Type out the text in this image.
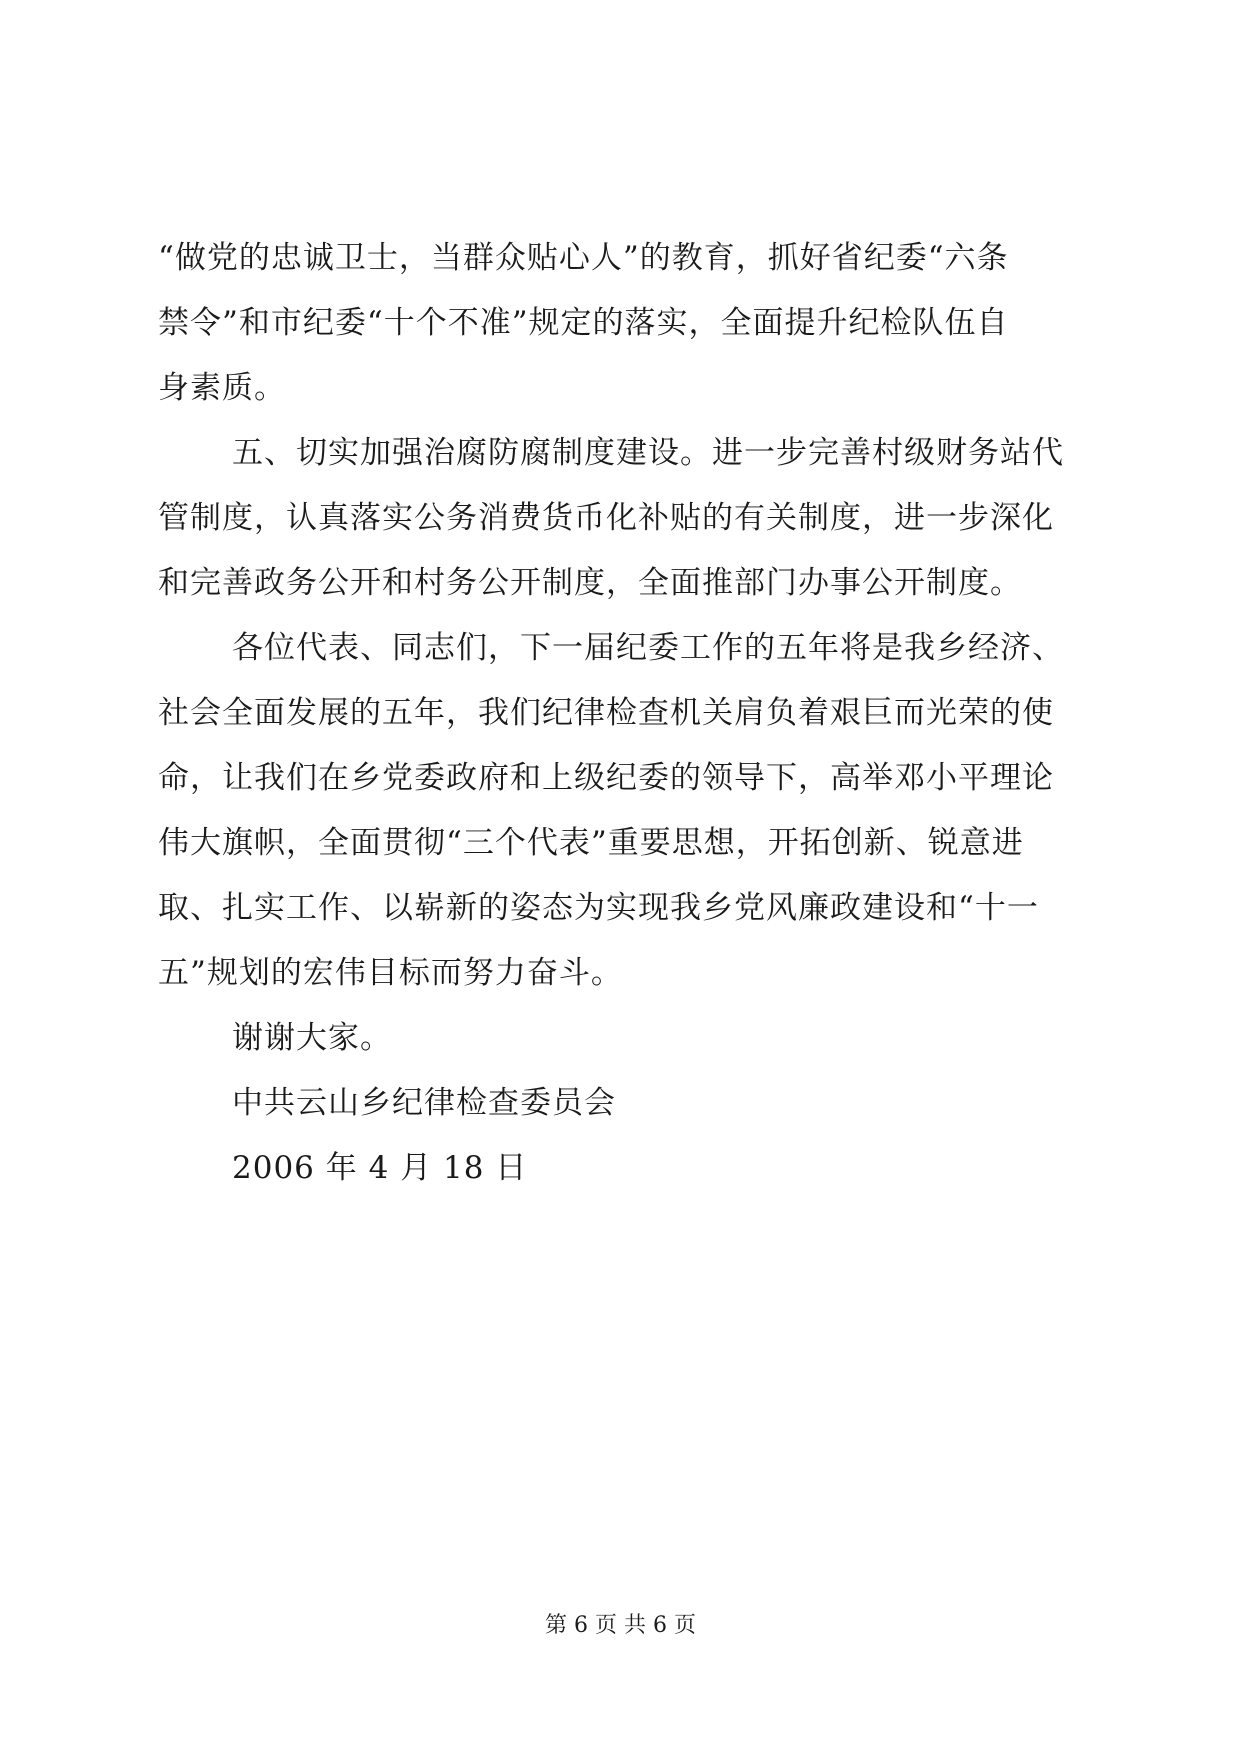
“做党的忠诚卫士，当群众贴心人”的教育，抓好省纪委“六条
禁令”和市纪委“十个不准”规定的落实，全面提升纪检队伍自
身素质。
五、切实加强治腐防腐制度建设。进一步完善村级财务站代
管制度，认真落实公务消费货币化补贴的有关制度，进一步深化
和完善政务公开和村务公开制度，全面推部门办事公开制度。
各位代表、同志们，下一届纪委工作的五年将是我乡经济、
社会全面发展的五年，我们纪律检查机关肩负着艰巨而光荣的使
命，让我们在乡党委政府和上级纪委的领导下，高举邓小平理论
伟大旗帜，全面贯彻“三个代表”重要思想，开拓创新、锐意进
取、扎实工作、以崭新的姿态为实现我乡党风廉政建设和“十一
五”规划的宏伟目标而努力奋斗。
谢谢大家。
中共云山乡纪律检查委员会
2006 年 4 月 18 日
第 6 页 共 6 页
